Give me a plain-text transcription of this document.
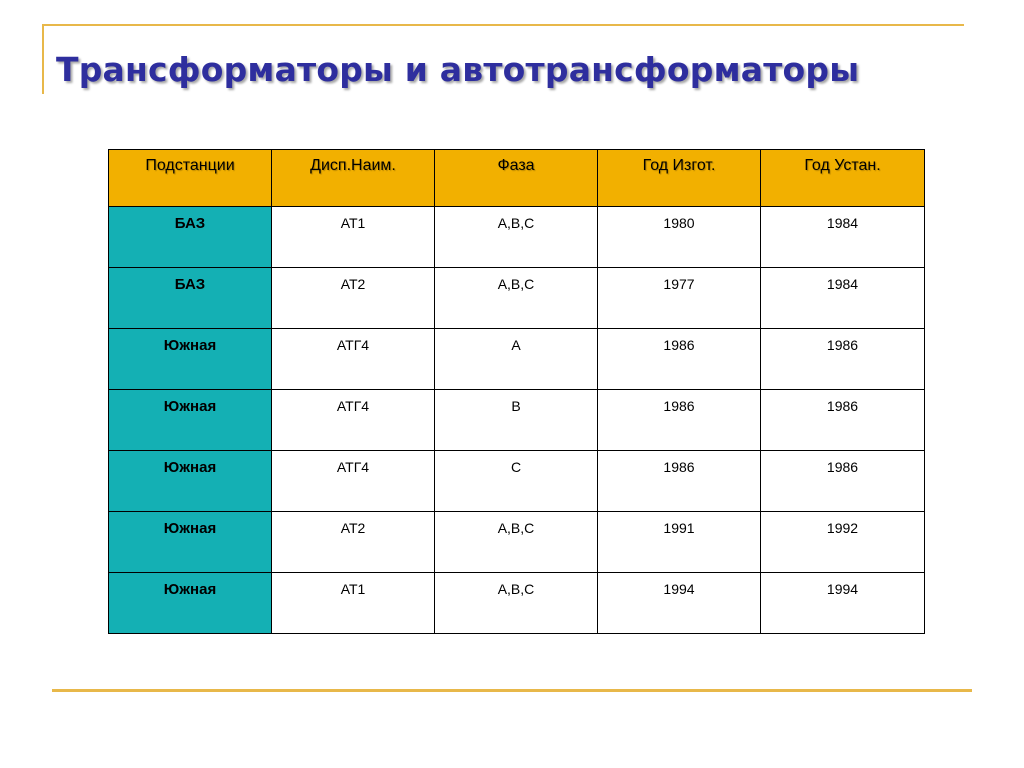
Трансформаторы и автотрансформаторы
Подстанции	Дисп.Наим.	Фаза	Год Изгот.	Год Устан.
БАЗ	АТ1	А,В,С	1980	1984
БАЗ	АТ2	А,В,С	1977	1984
Южная	АТГ4	А	1986	1986
Южная	АТГ4	В	1986	1986
Южная	АТГ4	С	1986	1986
Южная	АТ2	А,В,С	1991	1992
Южная	АТ1	А,В,С	1994	1994
